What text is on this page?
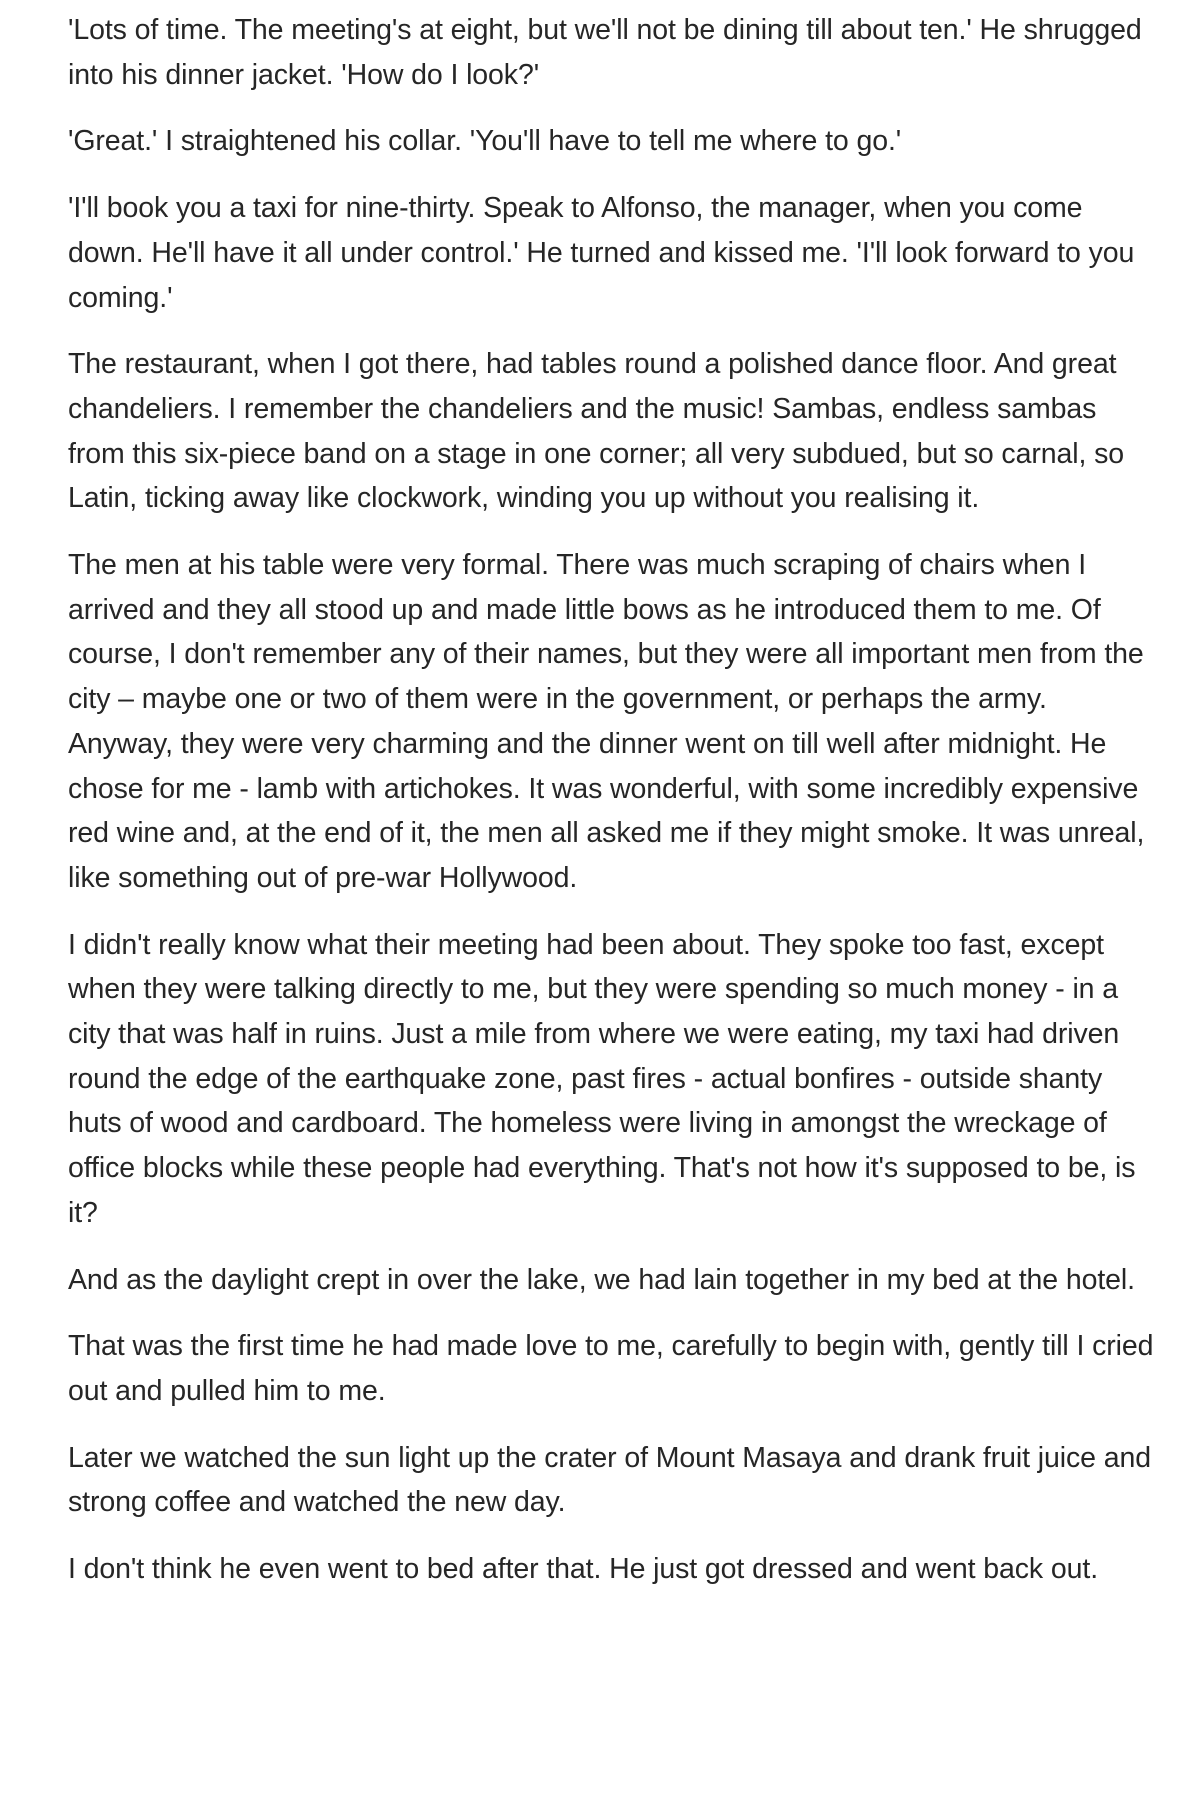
'Lots of time. The meeting's at eight, but we'll not be dining till about ten.' He shrugged into his dinner jacket. 'How do I look?'

'Great.' I straightened his collar. 'You'll have to tell me where to go.'

'I'll book you a taxi for nine-thirty. Speak to Alfonso, the manager, when you come down. He'll have it all under control.' He turned and kissed me. 'I'll look forward to you coming.'

The restaurant, when I got there, had tables round a polished dance floor. And great chandeliers. I remember the chandeliers and the music! Sambas, endless sambas from this six-piece band on a stage in one corner; all very subdued, but so carnal, so Latin, ticking away like clockwork, winding you up without you realising it.

The men at his table were very formal. There was much scraping of chairs when I arrived and they all stood up and made little bows as he introduced them to me. Of course, I don't remember any of their names, but they were all important men from the city – maybe one or two of them were in the government, or perhaps the army. Anyway, they were very charming and the dinner went on till well after midnight. He chose for me - lamb with artichokes. It was wonderful, with some incredibly expensive red wine and, at the end of it, the men all asked me if they might smoke. It was unreal, like something out of pre-war Hollywood.

I didn't really know what their meeting had been about. They spoke too fast, except when they were talking directly to me, but they were spending so much money - in a city that was half in ruins. Just a mile from where we were eating, my taxi had driven round the edge of the earthquake zone, past fires - actual bonfires - outside shanty huts of wood and cardboard. The homeless were living in amongst the wreckage of office blocks while these people had everything. That's not how it's supposed to be, is it?

And as the daylight crept in over the lake, we had lain together in my bed at the hotel.

That was the first time he had made love to me, carefully to begin with, gently till I cried out and pulled him to me.

Later we watched the sun light up the crater of Mount Masaya and drank fruit juice and strong coffee and watched the new day.

I don't think he even went to bed after that. He just got dressed and went back out.
